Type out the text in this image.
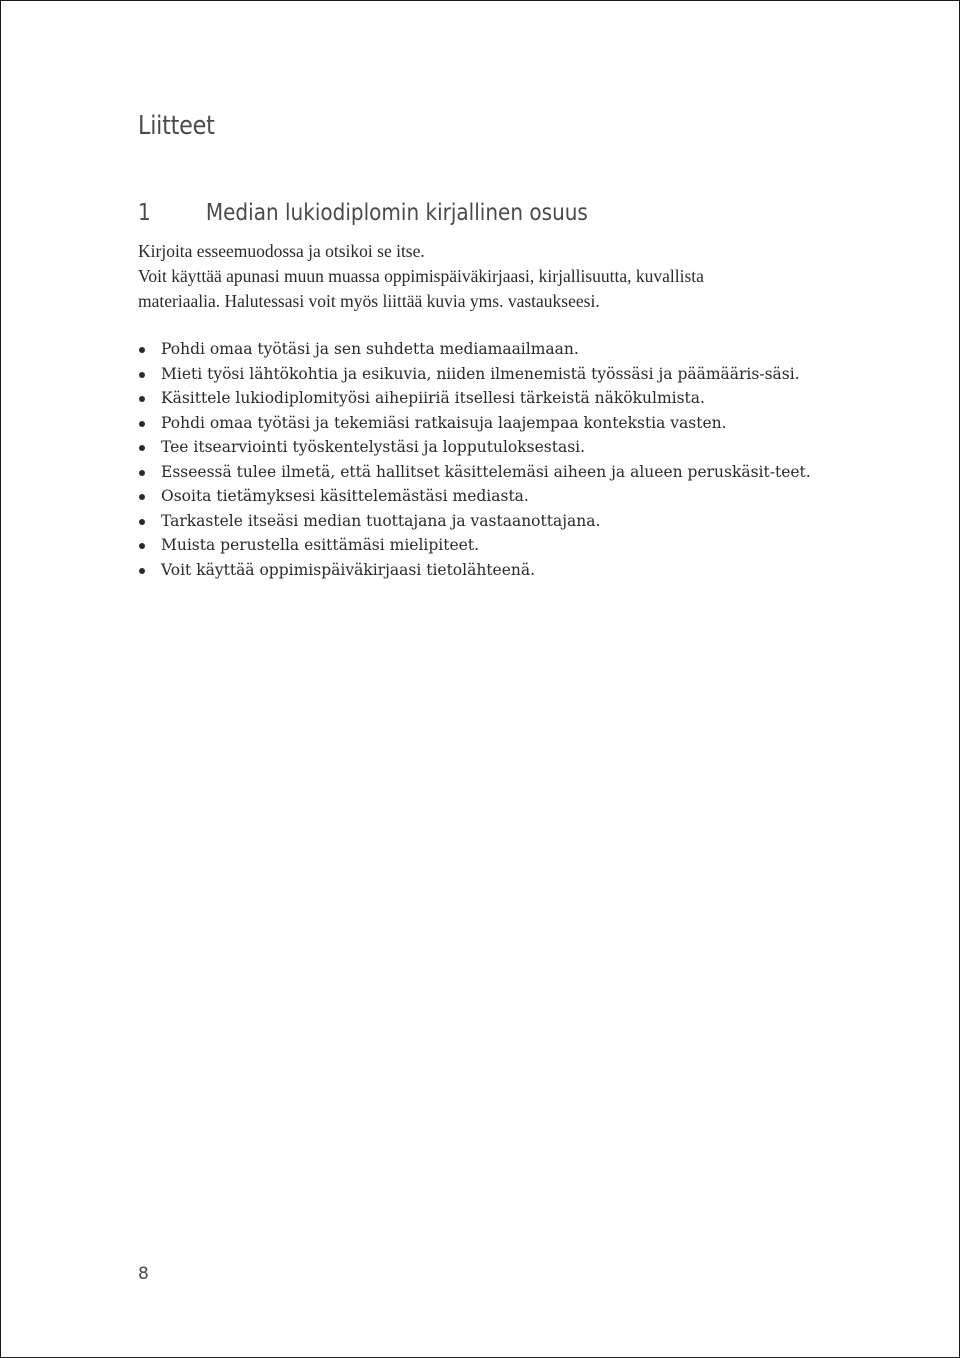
Liitteet
1 Median lukiodiplomin kirjallinen osuus

Kirjoita esseemuodossa ja otsikoi se itse.
Voit käyttää apunasi muun muassa oppimispäiväkirjaasi, kirjallisuutta, kuvallista
materiaalia. Halutessasi voit myös liittää kuvia yms. vastaukseesi.

Pohdi omaa työtäsi ja sen suhdetta mediamaailmaan.
Mieti työsi lähtökohtia ja esikuvia, niiden ilmenemistä työssäsi ja päämääris-säsi.
Käsittele lukiodiplomityösi aihepiiriä itsellesi tärkeistä näkökulmista.
Pohdi omaa työtäsi ja tekemiäsi ratkaisuja laajempaa kontekstia vasten.
Tee itsearviointi työskentelystäsi ja lopputuloksestasi.
Esseessä tulee ilmetä, että hallitset käsittelemäsi aiheen ja alueen peruskäsit-teet.
Osoita tietämyksesi käsittelemästäsi mediasta.
Tarkastele itseäsi median tuottajana ja vastaanottajana.
Muista perustella esittämäsi mielipiteet.
Voit käyttää oppimispäiväkirjaasi tietolähteenä.
8
